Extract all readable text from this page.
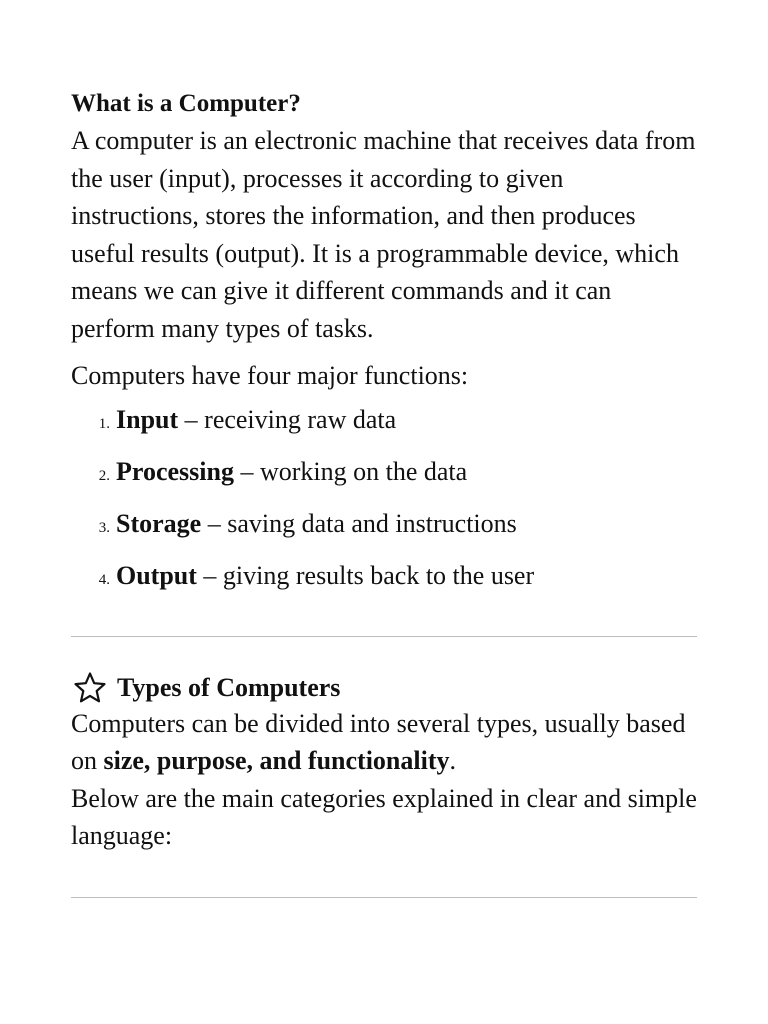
What is a Computer?

A computer is an electronic machine that receives data from the user (input), processes it according to given instructions, stores the information, and then produces useful results (output). It is a programmable device, which means we can give it different commands and it can perform many types of tasks.

Computers have four major functions:

1. Input – receiving raw data
2. Processing – working on the data
3. Storage – saving data and instructions
4. Output – giving results back to the user
Types of Computers

Computers can be divided into several types, usually based on size, purpose, and functionality.

Below are the main categories explained in clear and simple language:
